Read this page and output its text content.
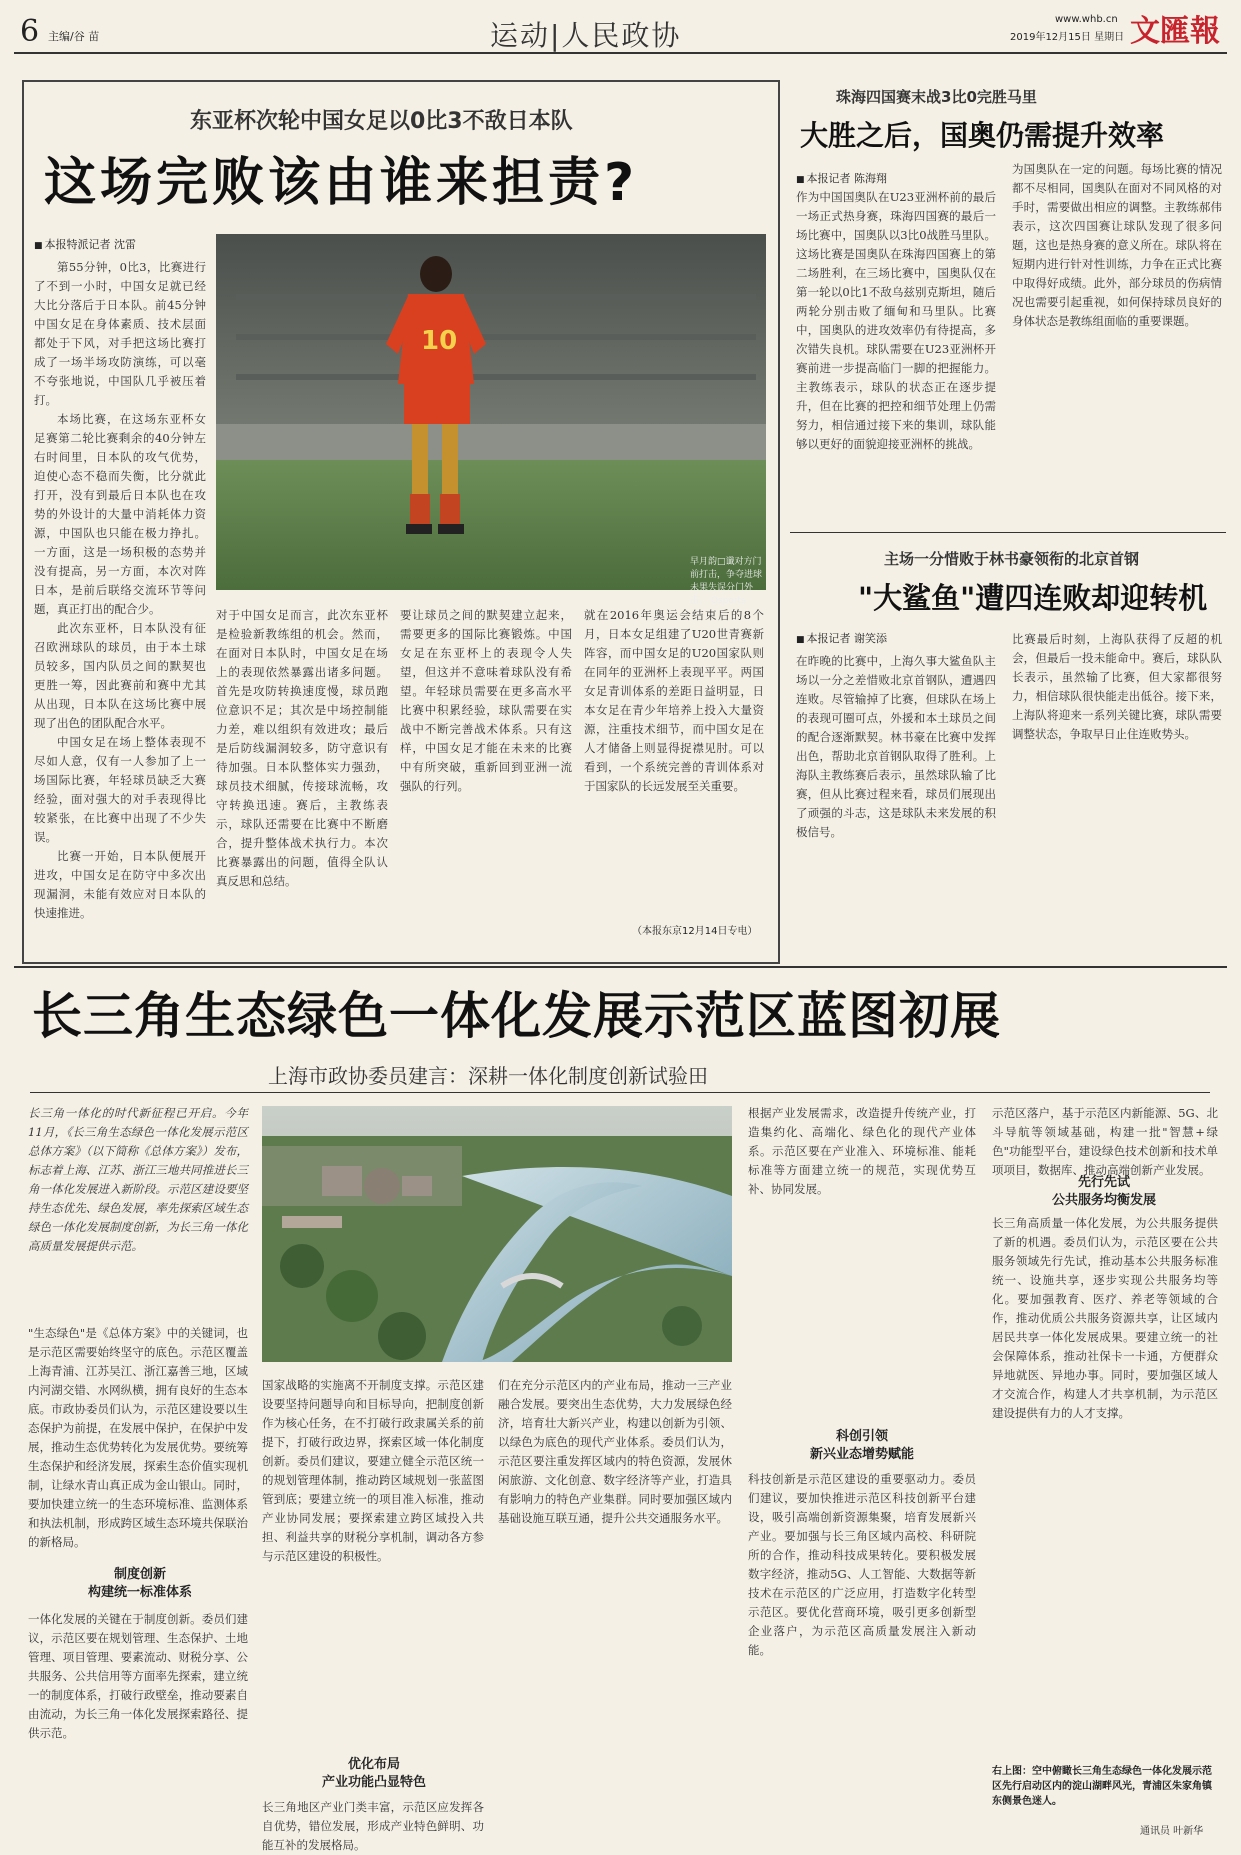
6 主编/谷 苗	运动|人民政协	www.whb.cn
2019年12月15日 星期日 文匯報
东亚杯次轮中国女足以0比3不敌日本队
这场完败该由谁来担责?
■ 本报特派记者 沈雷
10
早月韵□谶对方门前打击，争夺进球未果失误分门外击。 Osports

第55分钟，0比3，比赛进行了不到一小时，中国女足就已经大比分落后于日本队。前45分钟中国女足在身体素质、技术层面都处于下风，对手把这场比赛打成了一场半场攻防演练，可以毫不夸张地说，中国队几乎被压着打。

本场比赛，在这场东亚杯女足赛第二轮比赛剩余的40分钟左右时间里，日本队的攻气优势，迫使心态不稳而失衡，比分就此打开，没有到最后日本队也在攻势的外设计的大量中消耗体力资源，中国队也只能在极力挣扎。一方面，这是一场积极的态势并没有提高，另一方面，本次对阵日本，是前后联络交流环节等问题，真正打出的配合少。

此次东亚杯，日本队没有征召欧洲球队的球员，由于本土球员较多，国内队员之间的默契也更胜一筹，因此赛前和赛中尤其从出现，日本队在这场比赛中展现了出色的团队配合水平。

中国女足在场上整体表现不尽如人意，仅有一人参加了上一场国际比赛，年轻球员缺乏大赛经验，面对强大的对手表现得比较紧张，在比赛中出现了不少失误。

比赛一开始，日本队便展开进攻，中国女足在防守中多次出现漏洞，未能有效应对日本队的快速推进。

对于中国女足而言，此次东亚杯是检验新教练组的机会。然而，在面对日本队时，中国女足在场上的表现依然暴露出诸多问题。首先是攻防转换速度慢，球员跑位意识不足；其次是中场控制能力差，难以组织有效进攻；最后是后防线漏洞较多，防守意识有待加强。日本队整体实力强劲，球员技术细腻，传接球流畅，攻守转换迅速。赛后，主教练表示，球队还需要在比赛中不断磨合，提升整体战术执行力。本次比赛暴露出的问题，值得全队认真反思和总结。
要让球员之间的默契建立起来，需要更多的国际比赛锻炼。中国女足在东亚杯上的表现令人失望，但这并不意味着球队没有希望。年轻球员需要在更多高水平比赛中积累经验，球队需要在实战中不断完善战术体系。只有这样，中国女足才能在未来的比赛中有所突破，重新回到亚洲一流强队的行列。
就在2016年奥运会结束后的8个月，日本女足组建了U20世青赛新阵容，而中国女足的U20国家队则在同年的亚洲杯上表现平平。两国女足青训体系的差距日益明显，日本女足在青少年培养上投入大量资源，注重技术细节，而中国女足在人才储备上则显得捉襟见肘。可以看到，一个系统完善的青训体系对于国家队的长远发展至关重要。
（本报东京12月14日专电）
珠海四国赛末战3比0完胜马里
大胜之后，国奥仍需提升效率
■ 本报记者 陈海翔
作为中国国奥队在U23亚洲杯前的最后一场正式热身赛，珠海四国赛的最后一场比赛中，国奥队以3比0战胜马里队。这场比赛是国奥队在珠海四国赛上的第二场胜利，在三场比赛中，国奥队仅在第一轮以0比1不敌乌兹别克斯坦，随后两轮分别击败了缅甸和马里队。比赛中，国奥队的进攻效率仍有待提高，多次错失良机。球队需要在U23亚洲杯开赛前进一步提高临门一脚的把握能力。主教练表示，球队的状态正在逐步提升，但在比赛的把控和细节处理上仍需努力，相信通过接下来的集训，球队能够以更好的面貌迎接亚洲杯的挑战。
为国奥队在一定的问题。每场比赛的情况都不尽相同，国奥队在面对不同风格的对手时，需要做出相应的调整。主教练郝伟表示，这次四国赛让球队发现了很多问题，这也是热身赛的意义所在。球队将在短期内进行针对性训练，力争在正式比赛中取得好成绩。此外，部分球员的伤病情况也需要引起重视，如何保持球员良好的身体状态是教练组面临的重要课题。
主场一分惜败于林书豪领衔的北京首钢
"大鲨鱼"遭四连败却迎转机
■ 本报记者 谢笑添
在昨晚的比赛中，上海久事大鲨鱼队主场以一分之差惜败北京首钢队，遭遇四连败。尽管输掉了比赛，但球队在场上的表现可圈可点，外援和本土球员之间的配合逐渐默契。林书豪在比赛中发挥出色，帮助北京首钢队取得了胜利。上海队主教练赛后表示，虽然球队输了比赛，但从比赛过程来看，球员们展现出了顽强的斗志，这是球队未来发展的积极信号。
比赛最后时刻，上海队获得了反超的机会，但最后一投未能命中。赛后，球队队长表示，虽然输了比赛，但大家都很努力，相信球队很快能走出低谷。接下来，上海队将迎来一系列关键比赛，球队需要调整状态，争取早日止住连败势头。
长三角生态绿色一体化发展示范区蓝图初展
上海市政协委员建言：深耕一体化制度创新试验田
长三角一体化的时代新征程已开启。今年11月，《长三角生态绿色一体化发展示范区总体方案》（以下简称《总体方案》）发布，标志着上海、江苏、浙江三地共同推进长三角一体化发展进入新阶段。示范区建设要坚持生态优先、绿色发展，率先探索区域生态绿色一体化发展制度创新，为长三角一体化高质量发展提供示范。
"生态绿色"是《总体方案》中的关键词，也是示范区需要始终坚守的底色。示范区覆盖上海青浦、江苏吴江、浙江嘉善三地，区域内河湖交错、水网纵横，拥有良好的生态本底。市政协委员们认为，示范区建设要以生态保护为前提，在发展中保护，在保护中发展，推动生态优势转化为发展优势。要统筹生态保护和经济发展，探索生态价值实现机制，让绿水青山真正成为金山银山。同时，要加快建立统一的生态环境标准、监测体系和执法机制，形成跨区域生态环境共保联治的新格局。
制度创新
构建统一标准体系
一体化发展的关键在于制度创新。委员们建议，示范区要在规划管理、生态保护、土地管理、项目管理、要素流动、财税分享、公共服务、公共信用等方面率先探索，建立统一的制度体系，打破行政壁垒，推动要素自由流动，为长三角一体化发展探索路径、提供示范。
国家战略的实施离不开制度支撑。示范区建设要坚持问题导向和目标导向，把制度创新作为核心任务，在不打破行政隶属关系的前提下，打破行政边界，探索区域一体化制度创新。委员们建议，要建立健全示范区统一的规划管理体制，推动跨区域规划一张蓝图管到底；要建立统一的项目准入标准，推动产业协同发展；要探索建立跨区域投入共担、利益共享的财税分享机制，调动各方参与示范区建设的积极性。
优化布局
产业功能凸显特色
长三角地区产业门类丰富，示范区应发挥各自优势，错位发展，形成产业特色鲜明、功能互补的发展格局。
们在充分示范区内的产业布局，推动一三产业融合发展。要突出生态优势，大力发展绿色经济，培育壮大新兴产业，构建以创新为引领、以绿色为底色的现代产业体系。委员们认为，示范区要注重发挥区域内的特色资源，发展休闲旅游、文化创意、数字经济等产业，打造具有影响力的特色产业集群。同时要加强区域内基础设施互联互通，提升公共交通服务水平。
根据产业发展需求，改造提升传统产业，打造集约化、高端化、绿色化的现代产业体系。示范区要在产业准入、环境标准、能耗标准等方面建立统一的规范，实现优势互补、协同发展。
科创引领
新兴业态增势赋能
科技创新是示范区建设的重要驱动力。委员们建议，要加快推进示范区科技创新平台建设，吸引高端创新资源集聚，培育发展新兴产业。要加强与长三角区域内高校、科研院所的合作，推动科技成果转化。要积极发展数字经济，推动5G、人工智能、大数据等新技术在示范区的广泛应用，打造数字化转型示范区。要优化营商环境，吸引更多创新型企业落户，为示范区高质量发展注入新动能。
示范区落户，基于示范区内新能源、5G、北斗导航等领域基础，构建一批"智慧+绿色"功能型平台，建设绿色技术创新和技术单项项目，数据库、推动高端创新产业发展。
先行先试
公共服务均衡发展
长三角高质量一体化发展，为公共服务提供了新的机遇。委员们认为，示范区要在公共服务领域先行先试，推动基本公共服务标准统一、设施共享，逐步实现公共服务均等化。要加强教育、医疗、养老等领域的合作，推动优质公共服务资源共享，让区域内居民共享一体化发展成果。要建立统一的社会保障体系，推动社保卡一卡通，方便群众异地就医、异地办事。同时，要加强区域人才交流合作，构建人才共享机制，为示范区建设提供有力的人才支撑。
右上图：空中俯瞰长三角生态绿色一体化发展示范区先行启动区内的淀山湖畔风光，青浦区朱家角镇东侧景色迷人。
通讯员 叶新华
